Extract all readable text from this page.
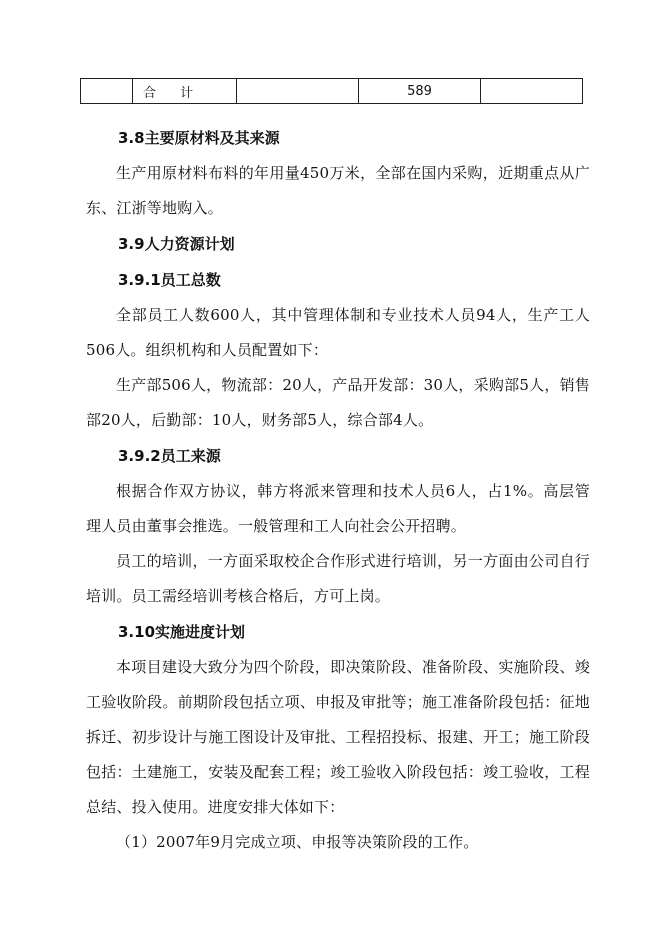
	合 计		589	
3.8主要原材料及其来源

生产用原材料布料的年用量450万米，全部在国内采购，近期重点从广东、江浙等地购入。

3.9人力资源计划
3.9.1员工总数

全部员工人数600人，其中管理体制和专业技术人员94人，生产工人506人。组织机构和人员配置如下：

生产部506人，物流部：20人，产品开发部：30人，采购部5人，销售部20人，后勤部：10人，财务部5人，综合部4人。

3.9.2员工来源

根据合作双方协议，韩方将派来管理和技术人员6人，占1%。高层管理人员由董事会推选。一般管理和工人向社会公开招聘。

员工的培训，一方面采取校企合作形式进行培训，另一方面由公司自行培训。员工需经培训考核合格后，方可上岗。

3.10实施进度计划

本项目建设大致分为四个阶段，即决策阶段、准备阶段、实施阶段、竣工验收阶段。前期阶段包括立项、申报及审批等；施工准备阶段包括：征地拆迁、初步设计与施工图设计及审批、工程招投标、报建、开工；施工阶段包括：土建施工，安装及配套工程；竣工验收入阶段包括：竣工验收，工程总结、投入使用。进度安排大体如下：

（1）2007年9月完成立项、申报等决策阶段的工作。
